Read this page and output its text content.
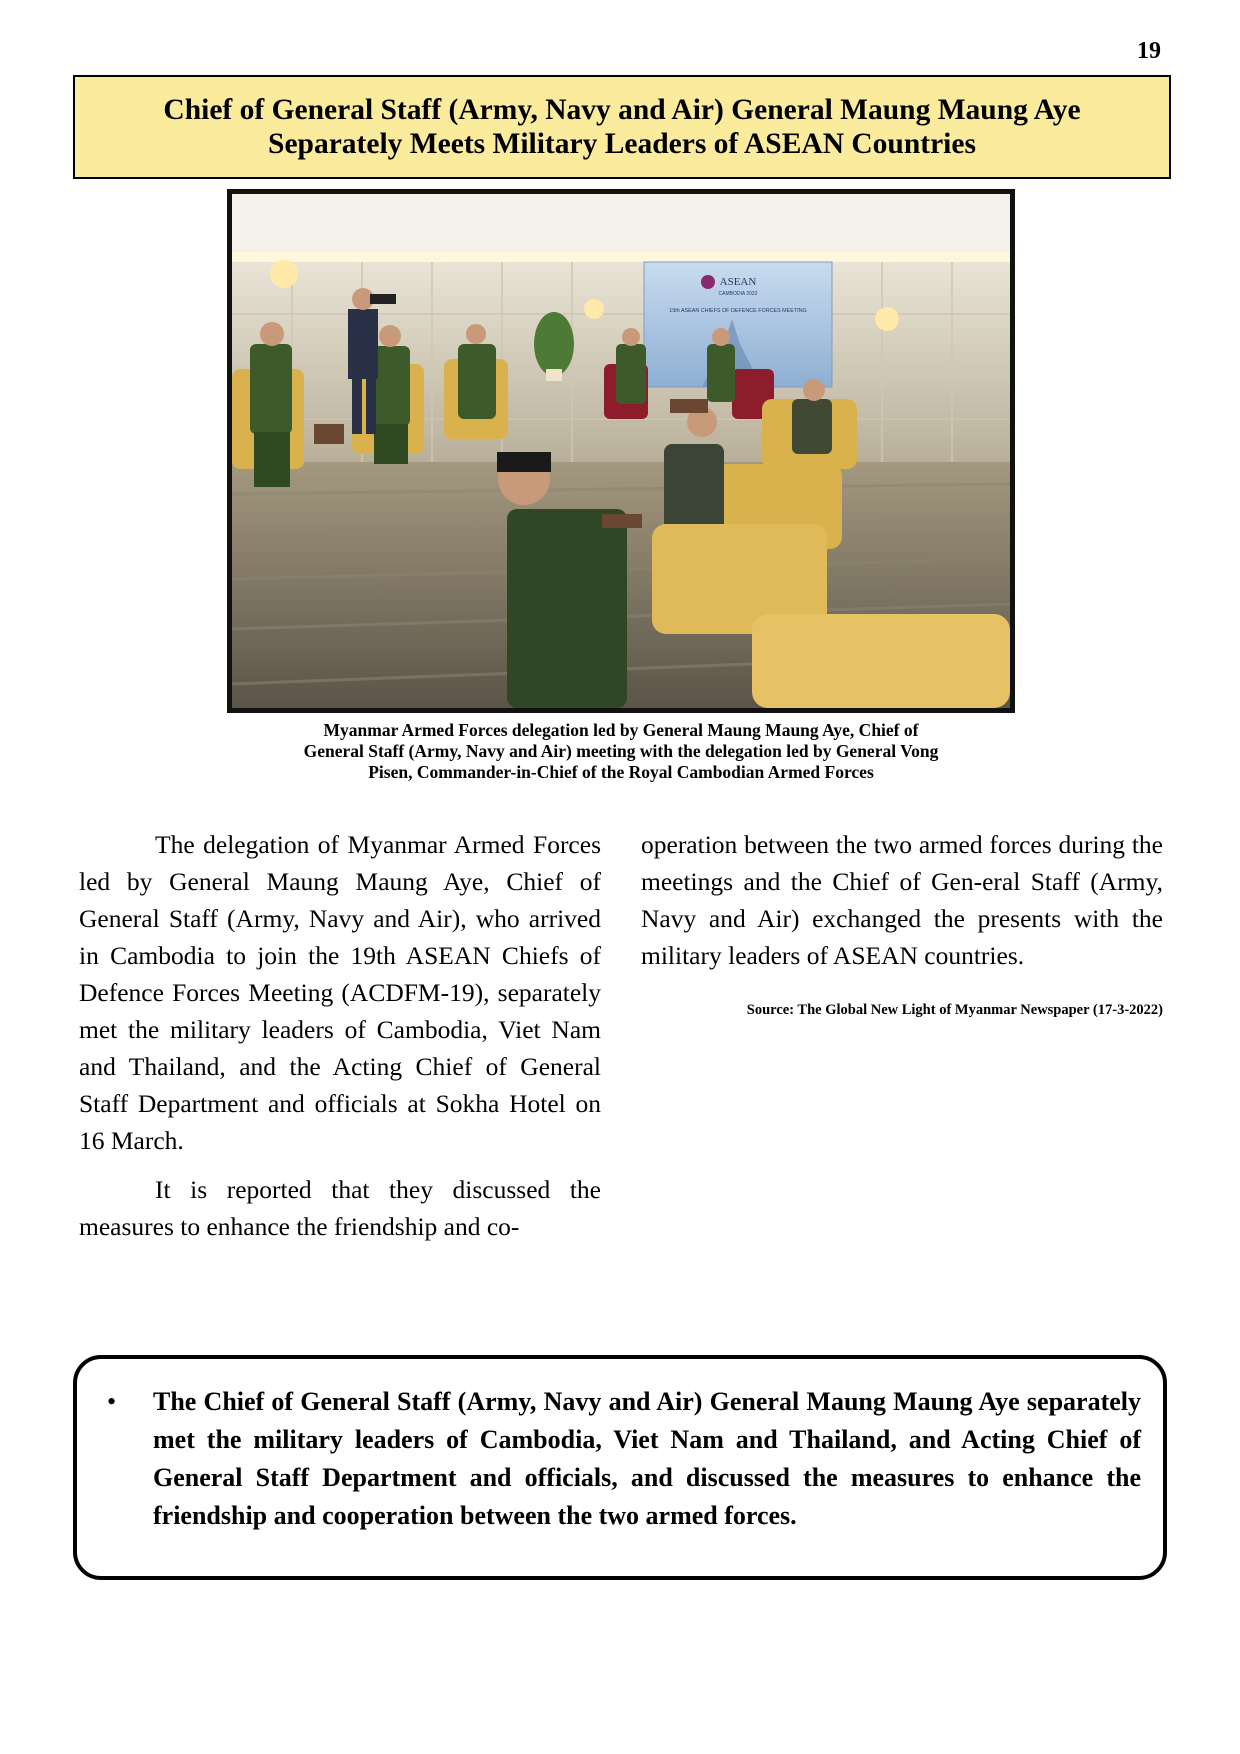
19
Chief of General Staff (Army, Navy and Air) General Maung Maung Aye
Separately Meets Military Leaders of ASEAN Countries
ASEAN
CAMBODIA 2022
19th ASEAN CHIEFS OF DEFENCE FORCES MEETING
Myanmar Armed Forces delegation led by General Maung Maung Aye, Chief of
General Staff (Army, Navy and Air) meeting with the delegation led by General Vong
Pisen, Commander-in-Chief of the Royal Cambodian Armed Forces

The delegation of Myanmar Armed Forces led by General Maung Maung Aye, Chief of General Staff (Army, Navy and Air), who arrived in Cambodia to join the 19th ASEAN Chiefs of Defence Forces Meeting (ACDFM-19), separately met the military leaders of Cambodia, Viet Nam and Thailand, and the Acting Chief of General Staff Department and officials at Sokha Hotel on 16 March.

It is reported that they discussed the measures to enhance the friendship and co-

operation between the two armed forces during the meetings and the Chief of Gen-eral Staff (Army, Navy and Air) exchanged the presents with the military leaders of ASEAN countries.

Source: The Global New Light of Myanmar Newspaper (17-3-2022)
•	The Chief of General Staff (Army, Navy and Air) General Maung Maung Aye separately met the military leaders of Cambodia, Viet Nam and Thailand, and Acting Chief of General Staff Department and officials, and discussed the measures to enhance the friendship and cooperation between the two armed forces.
